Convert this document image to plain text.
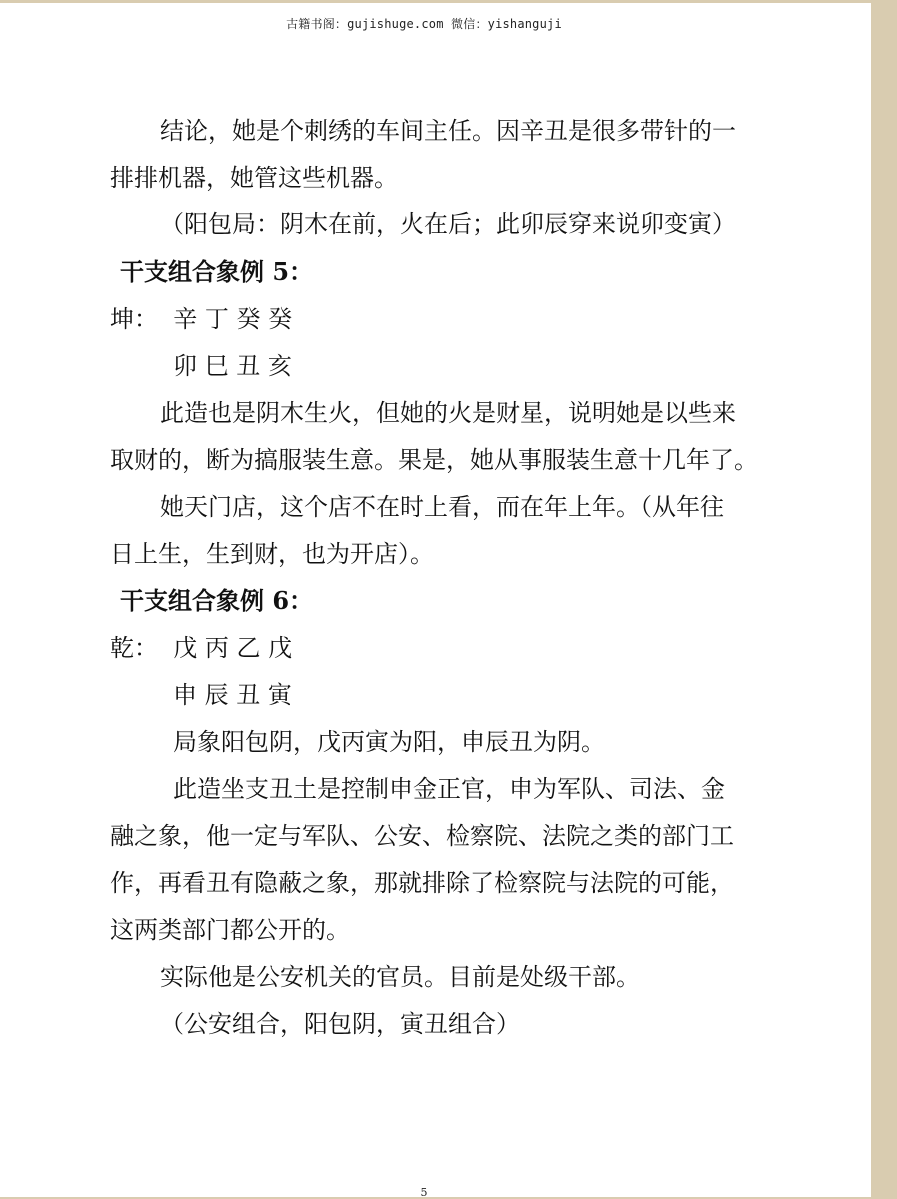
古籍书阁：gujishuge.com 微信：yishanguji
结论，她是个刺绣的车间主任。因辛丑是很多带针的一
排排机器，她管这些机器。
（阳包局：阴木在前，火在后；此卯辰穿来说卯变寅）
干支组合象例 5：
坤：  辛 丁 癸 癸
卯 巳 丑 亥
此造也是阴木生火，但她的火是财星，说明她是以些来
取财的，断为搞服装生意。果是，她从事服装生意十几年了。
她天门店，这个店不在时上看，而在年上年。（从年往
日上生，生到财，也为开店）。
干支组合象例 6：
乾：  戊 丙 乙 戊
申 辰 丑 寅
局象阳包阴，戊丙寅为阳，申辰丑为阴。
此造坐支丑土是控制申金正官，申为军队、司法、金
融之象，他一定与军队、公安、检察院、法院之类的部门工
作，再看丑有隐蔽之象，那就排除了检察院与法院的可能，
这两类部门都公开的。
实际他是公安机关的官员。目前是处级干部。
（公安组合，阳包阴，寅丑组合）
5
